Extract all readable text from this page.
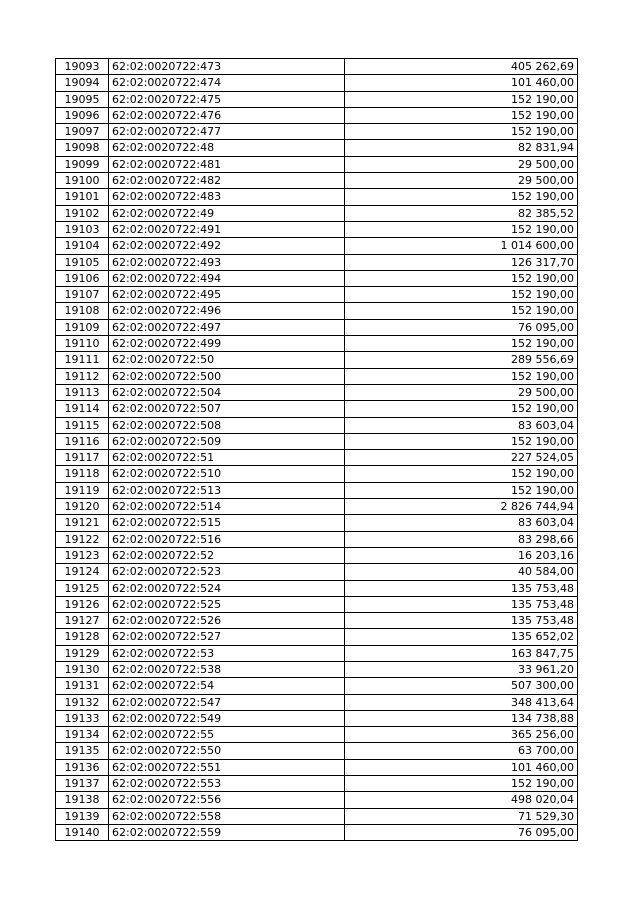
19093	62:02:0020722:473	405 262,69
19094	62:02:0020722:474	101 460,00
19095	62:02:0020722:475	152 190,00
19096	62:02:0020722:476	152 190,00
19097	62:02:0020722:477	152 190,00
19098	62:02:0020722:48	82 831,94
19099	62:02:0020722:481	29 500,00
19100	62:02:0020722:482	29 500,00
19101	62:02:0020722:483	152 190,00
19102	62:02:0020722:49	82 385,52
19103	62:02:0020722:491	152 190,00
19104	62:02:0020722:492	1 014 600,00
19105	62:02:0020722:493	126 317,70
19106	62:02:0020722:494	152 190,00
19107	62:02:0020722:495	152 190,00
19108	62:02:0020722:496	152 190,00
19109	62:02:0020722:497	76 095,00
19110	62:02:0020722:499	152 190,00
19111	62:02:0020722:50	289 556,69
19112	62:02:0020722:500	152 190,00
19113	62:02:0020722:504	29 500,00
19114	62:02:0020722:507	152 190,00
19115	62:02:0020722:508	83 603,04
19116	62:02:0020722:509	152 190,00
19117	62:02:0020722:51	227 524,05
19118	62:02:0020722:510	152 190,00
19119	62:02:0020722:513	152 190,00
19120	62:02:0020722:514	2 826 744,94
19121	62:02:0020722:515	83 603,04
19122	62:02:0020722:516	83 298,66
19123	62:02:0020722:52	16 203,16
19124	62:02:0020722:523	40 584,00
19125	62:02:0020722:524	135 753,48
19126	62:02:0020722:525	135 753,48
19127	62:02:0020722:526	135 753,48
19128	62:02:0020722:527	135 652,02
19129	62:02:0020722:53	163 847,75
19130	62:02:0020722:538	33 961,20
19131	62:02:0020722:54	507 300,00
19132	62:02:0020722:547	348 413,64
19133	62:02:0020722:549	134 738,88
19134	62:02:0020722:55	365 256,00
19135	62:02:0020722:550	63 700,00
19136	62:02:0020722:551	101 460,00
19137	62:02:0020722:553	152 190,00
19138	62:02:0020722:556	498 020,04
19139	62:02:0020722:558	71 529,30
19140	62:02:0020722:559	76 095,00
